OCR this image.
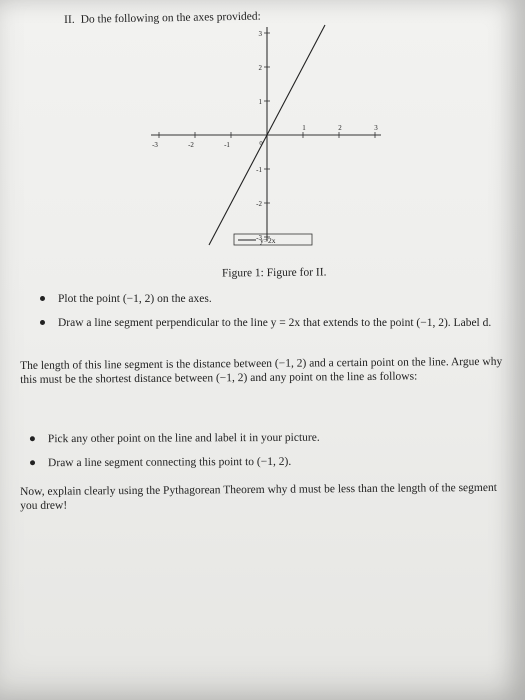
II. Do the following on the axes provided:
-3	-2	-1
1	2	3
3
2
1
-1
-2
-3
0
y=2x
Figure 1: Figure for II.
Plot the point (−1, 2) on the axes.
Draw a line segment perpendicular to the line y = 2x that extends to the point (−1, 2). Label d.
The length of this line segment is the distance between (−1, 2) and a certain point on the line. Argue why this must be the shortest distance between (−1, 2) and any point on the line as follows:
Pick any other point on the line and label it in your picture.
Draw a line segment connecting this point to (−1, 2).
Now, explain clearly using the Pythagorean Theorem why d must be less than the length of the segment you drew!
